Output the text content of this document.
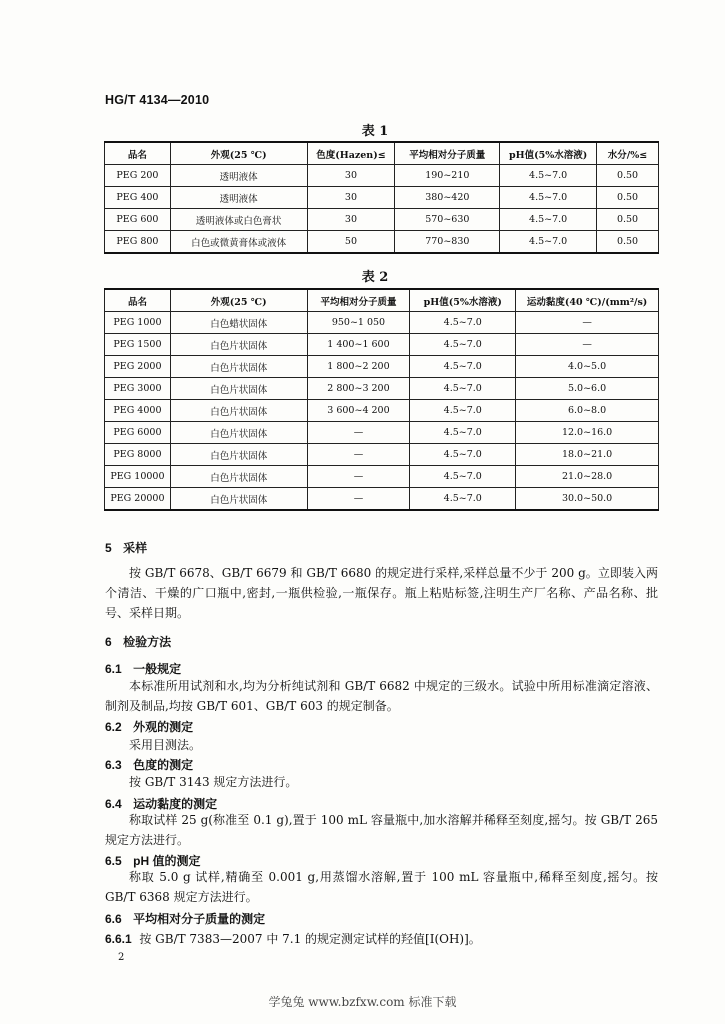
HG/T 4134—2010
表 1
品名	外观(25 ℃)	色度(Hazen)≤	平均相对分子质量	pH值(5%水溶液)	水分/%≤
PEG 200	透明液体	30	190~210	4.5~7.0	0.50
PEG 400	透明液体	30	380~420	4.5~7.0	0.50
PEG 600	透明液体或白色膏状	30	570~630	4.5~7.0	0.50
PEG 800	白色或微黄膏体或液体	50	770~830	4.5~7.0	0.50
表 2
品名	外观(25 ℃)	平均相对分子质量	pH值(5%水溶液)	运动黏度(40 ℃)/(mm²/s)
PEG 1000	白色蜡状固体	950~1 050	4.5~7.0	—
PEG 1500	白色片状固体	1 400~1 600	4.5~7.0	—
PEG 2000	白色片状固体	1 800~2 200	4.5~7.0	4.0~5.0
PEG 3000	白色片状固体	2 800~3 200	4.5~7.0	5.0~6.0
PEG 4000	白色片状固体	3 600~4 200	4.5~7.0	6.0~8.0
PEG 6000	白色片状固体	—	4.5~7.0	12.0~16.0
PEG 8000	白色片状固体	—	4.5~7.0	18.0~21.0
PEG 10000	白色片状固体	—	4.5~7.0	21.0~28.0
PEG 20000	白色片状固体	—	4.5~7.0	30.0~50.0
5 采样
按 GB/T 6678、GB/T 6679 和 GB/T 6680 的规定进行采样,采样总量不少于 200 g。立即装入两个清洁、干燥的广口瓶中,密封,一瓶供检验,一瓶保存。瓶上粘贴标签,注明生产厂名称、产品名称、批号、采样日期。
6 检验方法
6.1 一般规定
本标准所用试剂和水,均为分析纯试剂和 GB/T 6682 中规定的三级水。试验中所用标准滴定溶液、制剂及制品,均按 GB/T 601、GB/T 603 的规定制备。
6.2 外观的测定
采用目测法。
6.3 色度的测定
按 GB/T 3143 规定方法进行。
6.4 运动黏度的测定
称取试样 25 g(称准至 0.1 g),置于 100 mL 容量瓶中,加水溶解并稀释至刻度,摇匀。按 GB/T 265 规定方法进行。
6.5 pH 值的测定
称取 5.0 g 试样,精确至 0.001 g,用蒸馏水溶解,置于 100 mL 容量瓶中,稀释至刻度,摇匀。按 GB/T 6368 规定方法进行。
6.6 平均相对分子质量的测定
6.6.1 按 GB/T 7383—2007 中 7.1 的规定测定试样的羟值[I(OH)]。
2
学兔兔 www.bzfxw.com 标准下载
